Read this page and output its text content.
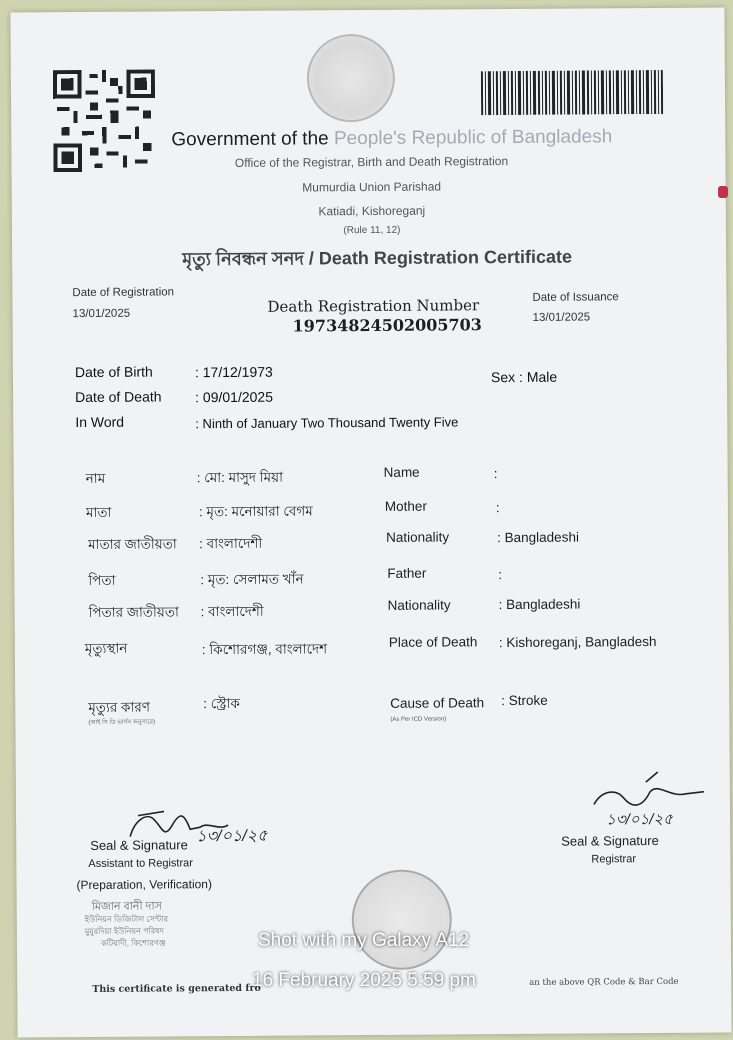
Government of the People's Republic of Bangladesh
Office of the Registrar, Birth and Death Registration
Mumurdia Union Parishad
Katiadi, Kishoreganj
(Rule 11, 12)
মৃত্যু নিবন্ধন সনদ / Death Registration Certificate
Date of Registration
13/01/2025	Death Registration Number
19734824502005703
Date of Issuance
13/01/2025
Date of Birth	: 17/12/1973
Date of Death : 09/01/2025
In Word	: Ninth of January Two Thousand Twenty Five
Sex : Male
নাম	: মো: মাসুদ মিয়া	Name	:
মাতা	: মৃত: মনোয়ারা বেগম	Mother	:
মাতার জাতীয়তা : বাংলাদেশী	Nationality	: Bangladeshi
পিতা	: মৃত: সেলামত খাঁন	Father	:
পিতার জাতীয়তা : বাংলাদেশী	Nationality	: Bangladeshi
মৃত্যুস্থান	: কিশোরগঞ্জ, বাংলাদেশ	Place of Death : Kishoreganj, Bangladesh
মৃত্যুর কারণ	: স্ট্রোক	Cause of Death : Stroke
(আই সি ডি ভার্সন অনুসারে)	(As Per ICD Version)
১৩/০১/২৫
Seal & Signature
Assistant to Registrar
(Preparation, Verification)
মিজান বানী দাস
ইউনিয়ন ডিজিটাল সেন্টার
মুমুরদিয়া ইউনিয়ন পরিষদ
কটিয়াদী, কিশোরগঞ্জ
১৩/০১/২৫
Seal & Signature
Registrar
This certificate is generated fro
an the above QR Code & Bar Code
Shot with my Galaxy A12
16 February 2025 5:59 pm
